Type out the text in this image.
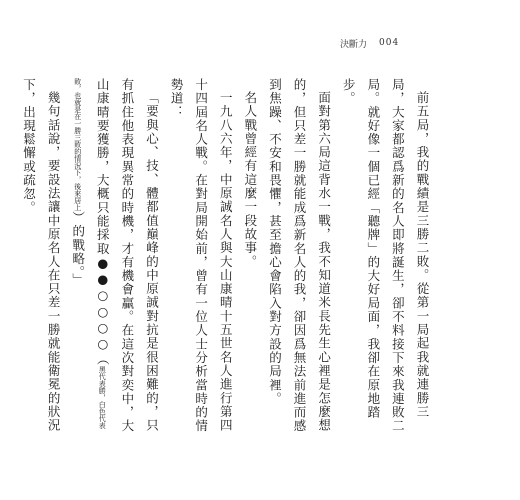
決斷力 004

前五局，我的戰績是三勝二敗。從第一局起我就連勝三局，大家都認爲新的名人即將誕生，卻不料接下來我連敗二局。就好像一個已經「聽牌」的大好局面，我卻在原地踏步。

面對第六局這背水一戰，我不知道米長先生心裡是怎麼想的，但只差一勝就能成爲新名人的我，卻因爲無法前進而感到焦躁、不安和畏懼，甚至擔心會陷入對方設的局裡。

名人戰曾經有這麼一段故事。

一九八六年，中原誠名人與大山康晴十五世名人進行第四十四屆名人戰。在對局開始前，曾有一位人士分析當時的情勢道：

「要與心、技、體都值巔峰的中原誠對抗是很困難的，只有抓住他表現異常的時機，才有機會贏。在這次對奕中，大山康晴要獲勝，大概只能採取●●○○○○（黑代表勝，白色代表敗，也就是在一勝三敗的情況下，後來居上）的戰略。」

幾句話說，要設法讓中原名人在只差一勝就能衛冕的狀況下，出現鬆懈或疏忽。
